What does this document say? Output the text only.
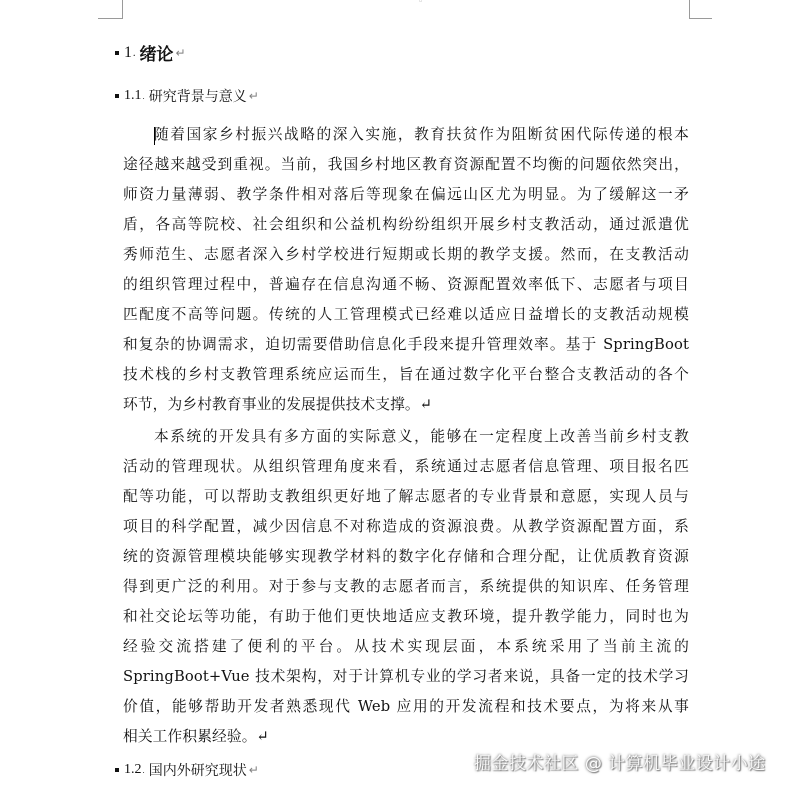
◦
1 · 绪论 ↵
1.1 · 研究背景与意义 ↵
随着国家乡村振兴战略的深入实施，教育扶贫作为阻断贫困代际传递的根本
途径越来越受到重视。当前，我国乡村地区教育资源配置不均衡的问题依然突出，
师资力量薄弱、教学条件相对落后等现象在偏远山区尤为明显。为了缓解这一矛
盾，各高等院校、社会组织和公益机构纷纷组织开展乡村支教活动，通过派遣优
秀师范生、志愿者深入乡村学校进行短期或长期的教学支援。然而，在支教活动
的组织管理过程中，普遍存在信息沟通不畅、资源配置效率低下、志愿者与项目
匹配度不高等问题。传统的人工管理模式已经难以适应日益增长的支教活动规模
和复杂的协调需求，迫切需要借助信息化手段来提升管理效率。基于 SpringBoot
技术栈的乡村支教管理系统应运而生，旨在通过数字化平台整合支教活动的各个
环节，为乡村教育事业的发展提供技术支撑。↵
本系统的开发具有多方面的实际意义，能够在一定程度上改善当前乡村支教
活动的管理现状。从组织管理角度来看，系统通过志愿者信息管理、项目报名匹
配等功能，可以帮助支教组织更好地了解志愿者的专业背景和意愿，实现人员与
项目的科学配置，减少因信息不对称造成的资源浪费。从教学资源配置方面，系
统的资源管理模块能够实现教学材料的数字化存储和合理分配，让优质教育资源
得到更广泛的利用。对于参与支教的志愿者而言，系统提供的知识库、任务管理
和社交论坛等功能，有助于他们更快地适应支教环境，提升教学能力，同时也为
经验交流搭建了便利的平台。从技术实现层面，本系统采用了当前主流的
SpringBoot+Vue 技术架构，对于计算机专业的学习者来说，具备一定的技术学习
价值，能够帮助开发者熟悉现代 Web 应用的开发流程和技术要点，为将来从事
相关工作积累经验。↵
1.2 · 国内外研究现状 ↵	掘金技术社区 @ 计算机毕业设计小途
